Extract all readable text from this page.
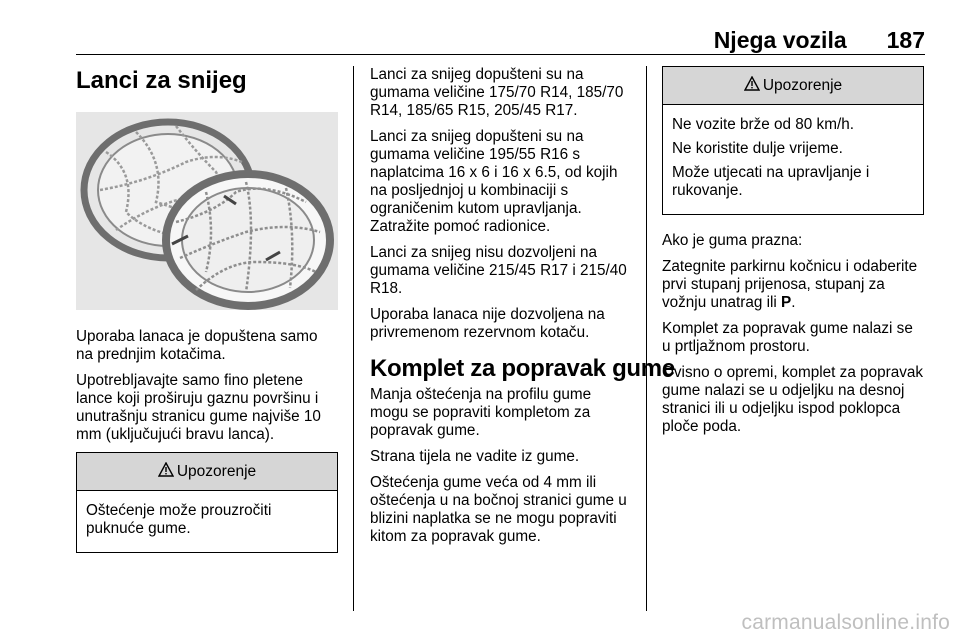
Njega vozila 187
Lanci za snijeg

Uporaba lanaca je dopuštena samo na prednjim kotačima.

Upotrebljavajte samo fino pletene lance koji proširuju gaznu površinu i unutrašnju stranicu gume najviše 10 mm (uključujući bravu lanca).

Upozorenje

Oštećenje može prouzročiti puknuće gume.

Lanci za snijeg dopušteni su na gumama veličine 175/70 R14, 185/70 R14, 185/65 R15, 205/45 R17.

Lanci za snijeg dopušteni su na gumama veličine 195/55 R16 s naplatcima 16 x 6 i 16 x 6.5, od kojih na posljednjoj u kombinaciji s ograničenim kutom upravljanja. Zatražite pomoć radionice.

Lanci za snijeg nisu dozvoljeni na gumama veličine 215/45 R17 i 215/40 R18.

Uporaba lanaca nije dozvoljena na privremenom rezervnom kotaču.

Komplet za popravak gume

Manja oštećenja na profilu gume mogu se popraviti kompletom za popravak gume.

Strana tijela ne vadite iz gume.

Oštećenja gume veća od 4 mm ili oštećenja u na bočnoj stranici gume u blizini naplatka se ne mogu popraviti kitom za popravak gume.

Upozorenje

Ne vozite brže od 80 km/h.

Ne koristite dulje vrijeme.

Može utjecati na upravljanje i rukovanje.

Ako je guma prazna:

Zategnite parkirnu kočnicu i odaberite prvi stupanj prijenosa, stupanj za vožnju unatrag ili P.

Komplet za popravak gume nalazi se u prtljažnom prostoru.

Ovisno o opremi, komplet za popravak gume nalazi se u odjeljku na desnoj stranici ili u odjeljku ispod poklopca ploče poda.

carmanualsonline.info
